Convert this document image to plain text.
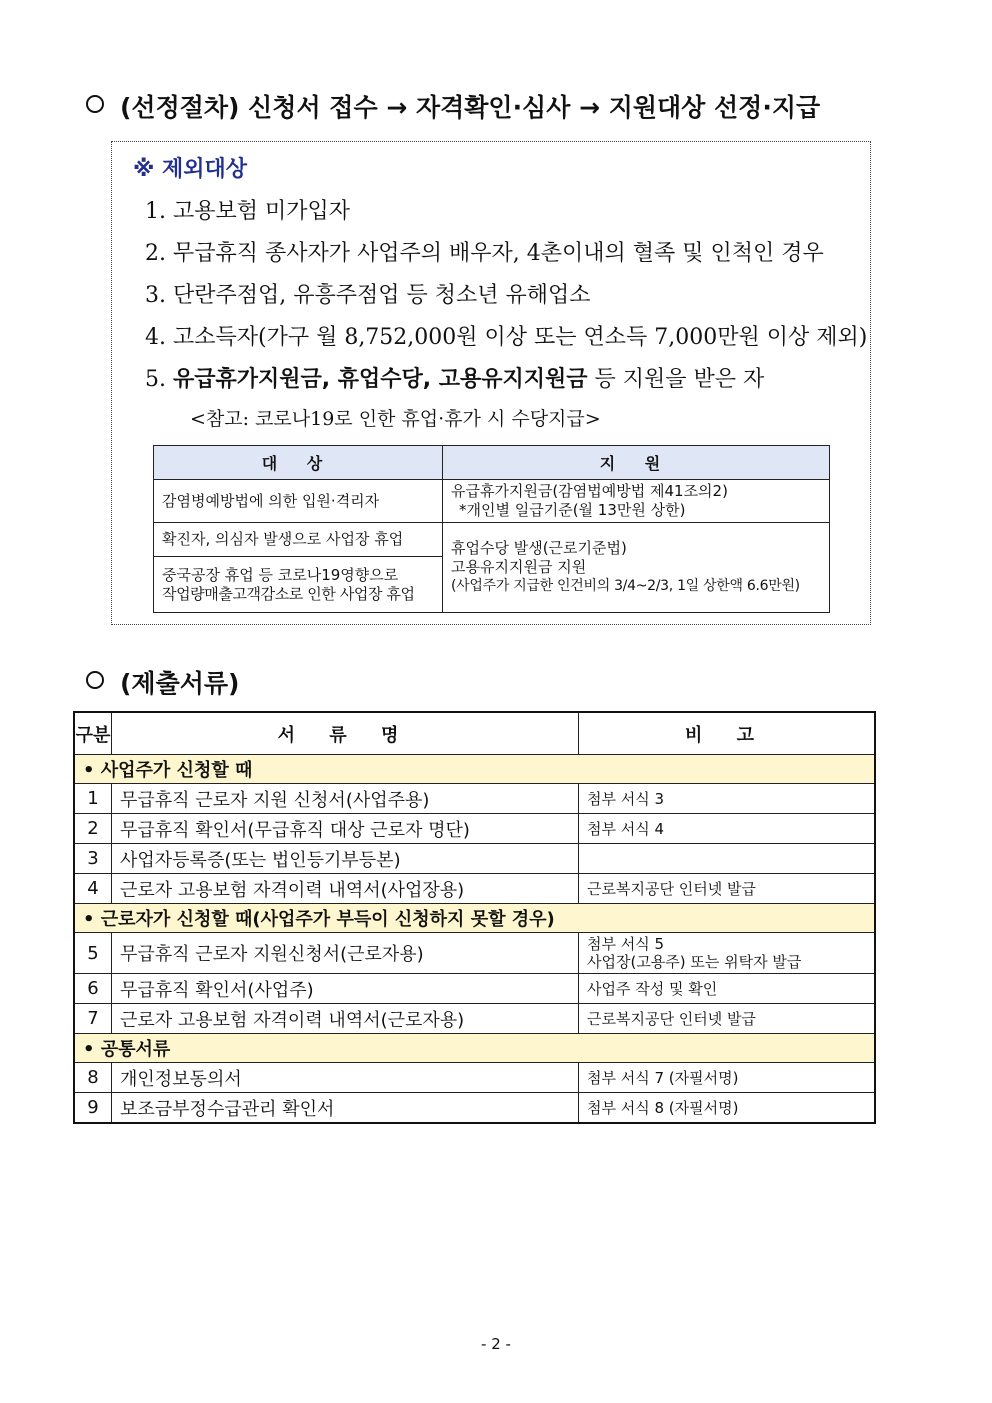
(선정절차) 신청서 접수 → 자격확인·심사 → 지원대상 선정·지급
※ 제외대상
1. 고용보험 미가입자
2. 무급휴직 종사자가 사업주의 배우자, 4촌이내의 혈족 및 인척인 경우
3. 단란주점업, 유흥주점업 등 청소년 유해업소
4. 고소득자(가구 월 8,752,000원 이상 또는 연소득 7,000만원 이상 제외)
5. 유급휴가지원금, 휴업수당, 고용유지지원금 등 지원을 받은 자
<참고: 코로나19로 인한 휴업·휴가 시 수당지급>
대 상	지 원
감염병예방법에 의한 입원·격리자	유급휴가지원금(감염법예방법 제41조의2)
*개인별 일급기준(월 13만원 상한)

확진자, 의심자 발생으로 사업장 휴업	휴업수당 발생(근로기준법)
고용유지지원금 지원
(사업주가 지급한 인건비의 3/4~2/3, 1일 상한액 6.6만원)

중국공장 휴업 등 코로나19영향으로
작업량매출고객감소로 인한 사업장 휴업	
(제출서류)
구분	서 류 명	비 고
• 사업주가 신청할 때		
1	무급휴직 근로자 지원 신청서(사업주용)	첨부 서식 3
2	무급휴직 확인서(무급휴직 대상 근로자 명단)	첨부 서식 4
3	사업자등록증(또는 법인등기부등본)	
4	근로자 고용보험 자격이력 내역서(사업장용)	근로복지공단 인터넷 발급
• 근로자가 신청할 때(사업주가 부득이 신청하지 못할 경우)		
5	무급휴직 근로자 지원신청서(근로자용)	첨부 서식 5
사업장(고용주) 또는 위탁자 발급

6	무급휴직 확인서(사업주)	사업주 작성 및 확인
7	근로자 고용보험 자격이력 내역서(근로자용)	근로복지공단 인터넷 발급
• 공통서류		
8	개인정보동의서	첨부 서식 7 (자필서명)
9	보조금부정수급관리 확인서	첨부 서식 8 (자필서명)
- 2 -
